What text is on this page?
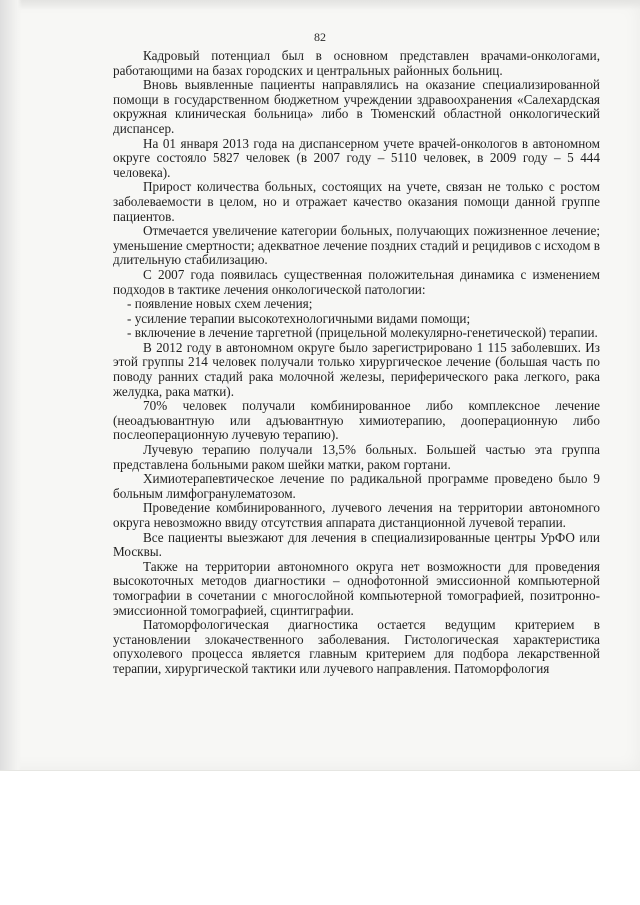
82

Кадровый потенциал был в основном представлен врачами-онкологами, работающими на базах городских и центральных районных больниц.

Вновь выявленные пациенты направлялись на оказание специализированной помощи в государственном бюджетном учреждении здравоохранения «Салехардская окружная клиническая больница» либо в Тюменский областной онкологический диспансер.

На 01 января 2013 года на диспансерном учете врачей-онкологов в автономном округе состояло 5827 человек (в 2007 году – 5110 человек, в 2009 году – 5 444 человека).

Прирост количества больных, состоящих на учете, связан не только с ростом заболеваемости в целом, но и отражает качество оказания помощи данной группе пациентов.

Отмечается увеличение категории больных, получающих пожизненное лечение; уменьшение смертности; адекватное лечение поздних стадий и рецидивов с исходом в длительную стабилизацию.

С 2007 года появилась существенная положительная динамика с изменением подходов в тактике лечения онкологической патологии:

- появление новых схем лечения;

- усиление терапии высокотехнологичными видами помощи;

- включение в лечение таргетной (прицельной молекулярно-генетической) терапии.

В 2012 году в автономном округе было зарегистрировано 1 115 заболевших. Из этой группы 214 человек получали только хирургическое лечение (большая часть по поводу ранних стадий рака молочной железы, периферического рака легкого, рака желудка, рака матки).

70% человек получали комбинированное либо комплексное лечение (неоадъювантную или адъювантную химиотерапию, дооперационную либо послеоперационную лучевую терапию).

Лучевую терапию получали 13,5% больных. Большей частью эта группа представлена больными раком шейки матки, раком гортани.

Химиотерапевтическое лечение по радикальной программе проведено было 9 больным лимфогранулематозом.

Проведение комбинированного, лучевого лечения на территории автономного округа невозможно ввиду отсутствия аппарата дистанционной лучевой терапии.

Все пациенты выезжают для лечения в специализированные центры УрФО или Москвы.

Также на территории автономного округа нет возможности для проведения высокоточных методов диагностики – однофотонной эмиссионной компьютерной томографии в сочетании с многослойной компьютерной томографией, позитронно-эмиссионной томографией, сцинтиграфии.

Патоморфологическая диагностика остается ведущим критерием в установлении злокачественного заболевания. Гистологическая характеристика опухолевого процесса является главным критерием для подбора лекарственной терапии, хирургической тактики или лучевого направления. Патоморфология
